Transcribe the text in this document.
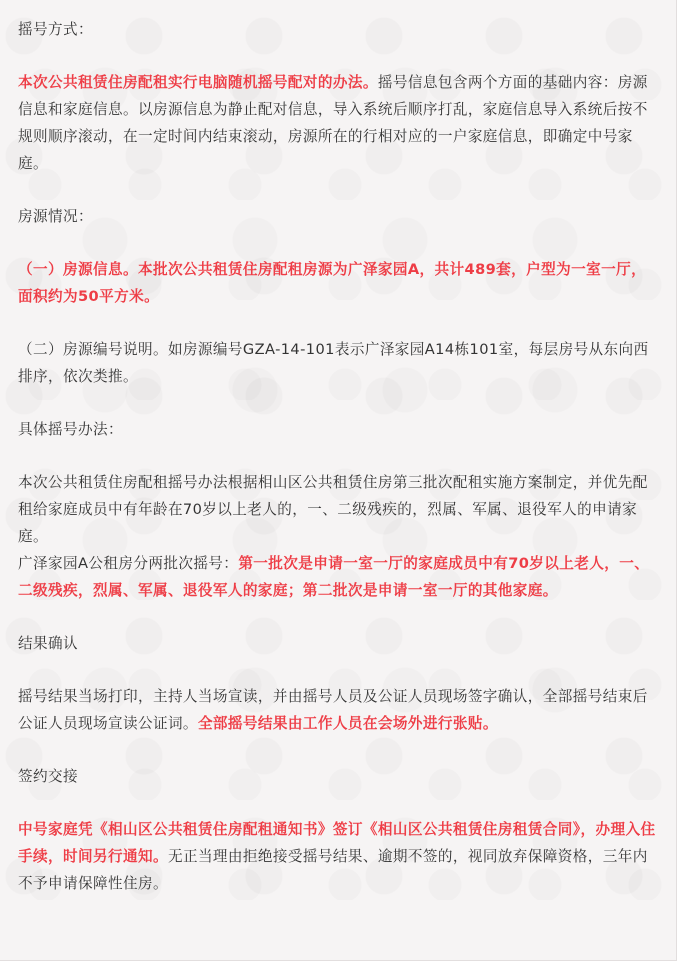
摇号方式：

本次公共租赁住房配租实行电脑随机摇号配对的办法。摇号信息包含两个方面的基础内容：房源信息和家庭信息。以房源信息为静止配对信息，导入系统后顺序打乱，家庭信息导入系统后按不规则顺序滚动，在一定时间内结束滚动，房源所在的行相对应的一户家庭信息，即确定中号家庭。

房源情况：

（一）房源信息。本批次公共租赁住房配租房源为广泽家园A，共计489套，户型为一室一厅，面积约为50平方米。

（二）房源编号说明。如房源编号GZA-14-101表示广泽家园A14栋101室，每层房号从东向西排序，依次类推。

具体摇号办法：

本次公共租赁住房配租摇号办法根据相山区公共租赁住房第三批次配租实施方案制定，并优先配租给家庭成员中有年龄在70岁以上老人的，一、二级残疾的，烈属、军属、退役军人的申请家庭。

广泽家园A公租房分两批次摇号：第一批次是申请一室一厅的家庭成员中有70岁以上老人，一、二级残疾，烈属、军属、退役军人的家庭；第二批次是申请一室一厅的其他家庭。

结果确认

摇号结果当场打印，主持人当场宣读，并由摇号人员及公证人员现场签字确认，全部摇号结束后公证人员现场宣读公证词。全部摇号结果由工作人员在会场外进行张贴。

签约交接

中号家庭凭《相山区公共租赁住房配租通知书》签订《相山区公共租赁住房租赁合同》，办理入住手续，时间另行通知。无正当理由拒绝接受摇号结果、逾期不签的，视同放弃保障资格，三年内不予申请保障性住房。
